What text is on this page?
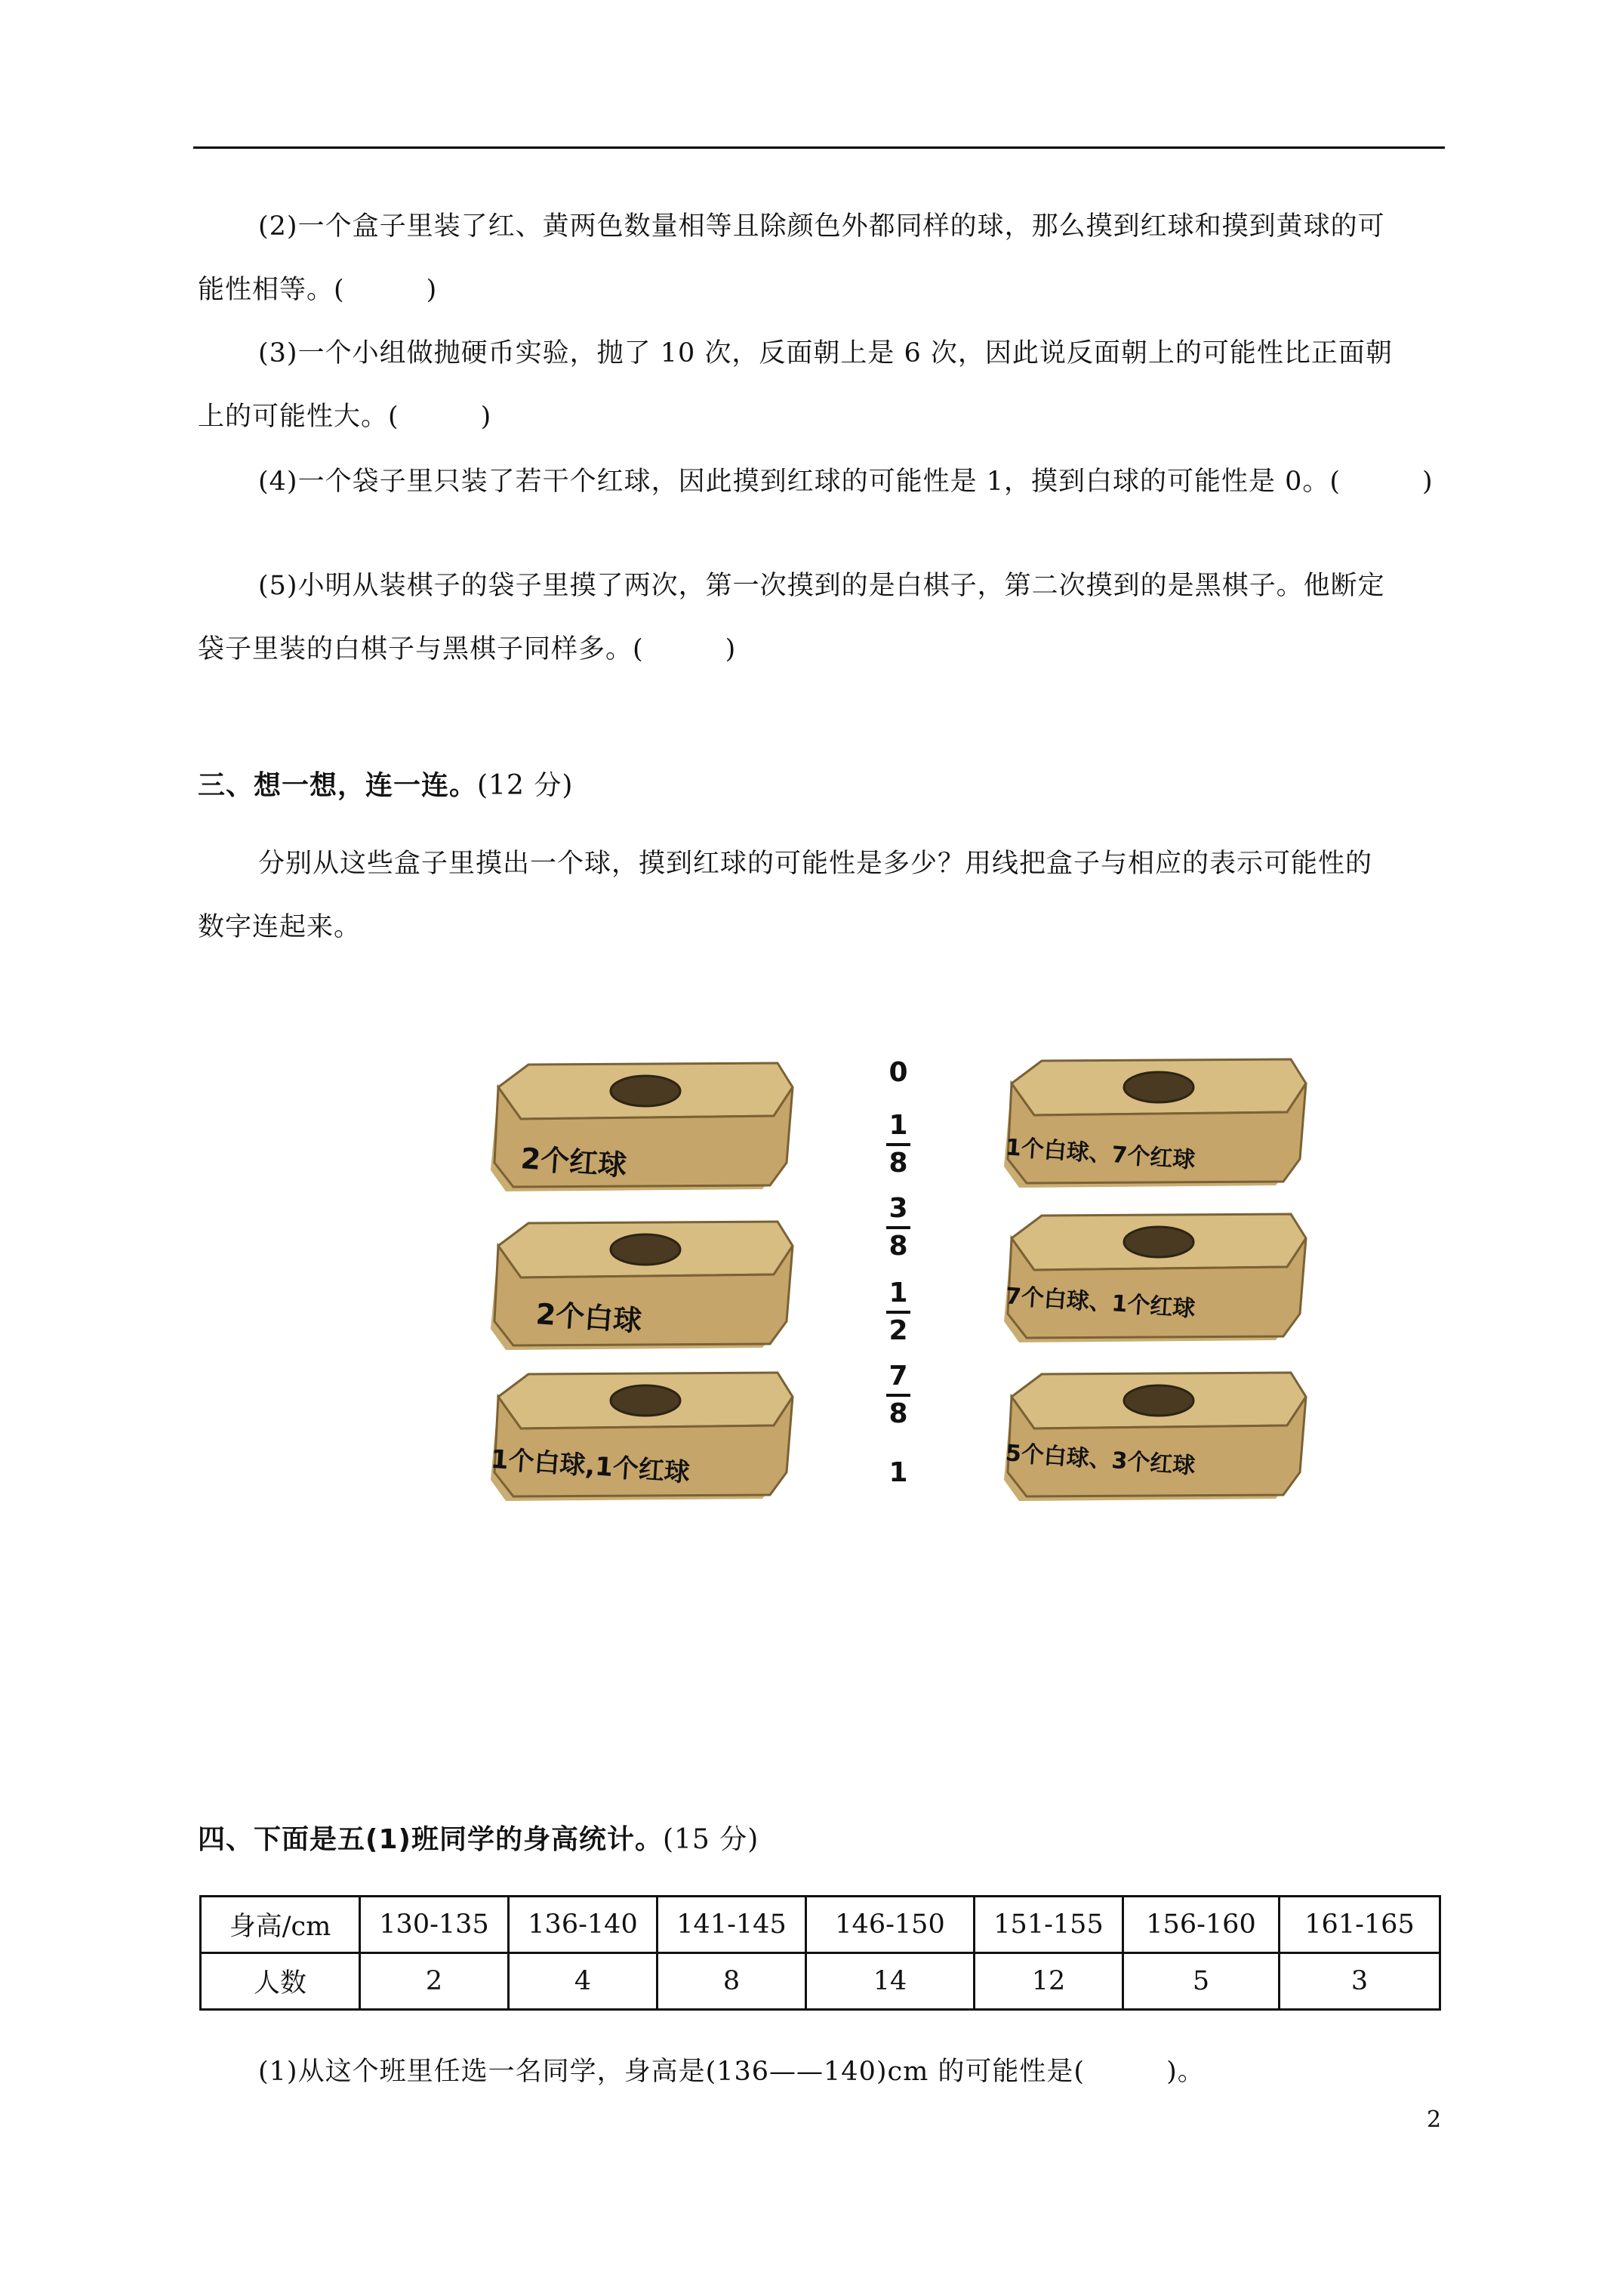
(2)一个盒子里装了红、黄两色数量相等且除颜色外都同样的球，那么摸到红球和摸到黄球的可
能性相等。(　　　)
(3)一个小组做抛硬币实验，抛了 10 次，反面朝上是 6 次，因此说反面朝上的可能性比正面朝
上的可能性大。(　　　)
(4)一个袋子里只装了若干个红球，因此摸到红球的可能性是 1，摸到白球的可能性是 0。(　　　)
(5)小明从装棋子的袋子里摸了两次，第一次摸到的是白棋子，第二次摸到的是黑棋子。他断定
袋子里装的白棋子与黑棋子同样多。(　　　)
三、想一想，连一连。(12 分)
分别从这些盒子里摸出一个球，摸到红球的可能性是多少？用线把盒子与相应的表示可能性的
数字连起来。
2个红球
2个白球
1个白球,1个红球
1个白球、7个红球
7个白球、1个红球
5个白球、3个红球
0
1
8
3
8
1
2
7
8
1
四、下面是五(1)班同学的身高统计。(15 分)
身高/cm	130-135	136-140	141-145	146-150	151-155	156-160	161-165
人数	2	4	8	14	12	5	3
(1)从这个班里任选一名同学，身高是(136——140)cm 的可能性是(　　　)。
2
